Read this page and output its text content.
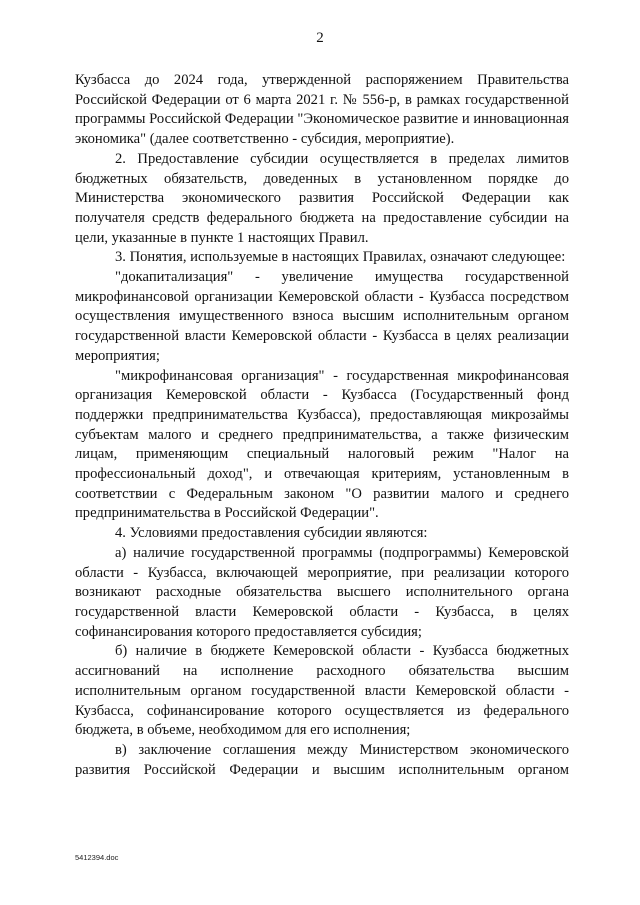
2

Кузбасса до 2024 года, утвержденной распоряжением Правительства Российской Федерации от 6 марта 2021 г. № 556-р, в рамках государственной программы Российской Федерации "Экономическое развитие и инновационная экономика" (далее соответственно - субсидия, мероприятие).

2. Предоставление субсидии осуществляется в пределах лимитов бюджетных обязательств, доведенных в установленном порядке до Министерства экономического развития Российской Федерации как получателя средств федерального бюджета на предоставление субсидии на цели, указанные в пункте 1 настоящих Правил.

3. Понятия, используемые в настоящих Правилах, означают следующее:

"докапитализация" - увеличение имущества государственной микрофинансовой организации Кемеровской области - Кузбасса посредством осуществления имущественного взноса высшим исполнительным органом государственной власти Кемеровской области - Кузбасса в целях реализации мероприятия;

"микрофинансовая организация" - государственная микрофинансовая организация Кемеровской области - Кузбасса (Государственный фонд поддержки предпринимательства Кузбасса), предоставляющая микрозаймы субъектам малого и среднего предпринимательства, а также физическим лицам, применяющим специальный налоговый режим "Налог на профессиональный доход", и отвечающая критериям, установленным в соответствии с Федеральным законом "О развитии малого и среднего предпринимательства в Российской Федерации".

4. Условиями предоставления субсидии являются:

а) наличие государственной программы (подпрограммы) Кемеровской области - Кузбасса, включающей мероприятие, при реализации которого возникают расходные обязательства высшего исполнительного органа государственной власти Кемеровской области - Кузбасса, в целях софинансирования которого предоставляется субсидия;

б) наличие в бюджете Кемеровской области - Кузбасса бюджетных ассигнований на исполнение расходного обязательства высшим исполнительным органом государственной власти Кемеровской области - Кузбасса, софинансирование которого осуществляется из федерального бюджета, в объеме, необходимом для его исполнения;

в) заключение соглашения между Министерством экономического развития Российской Федерации и высшим исполнительным органом

5412394.doc
